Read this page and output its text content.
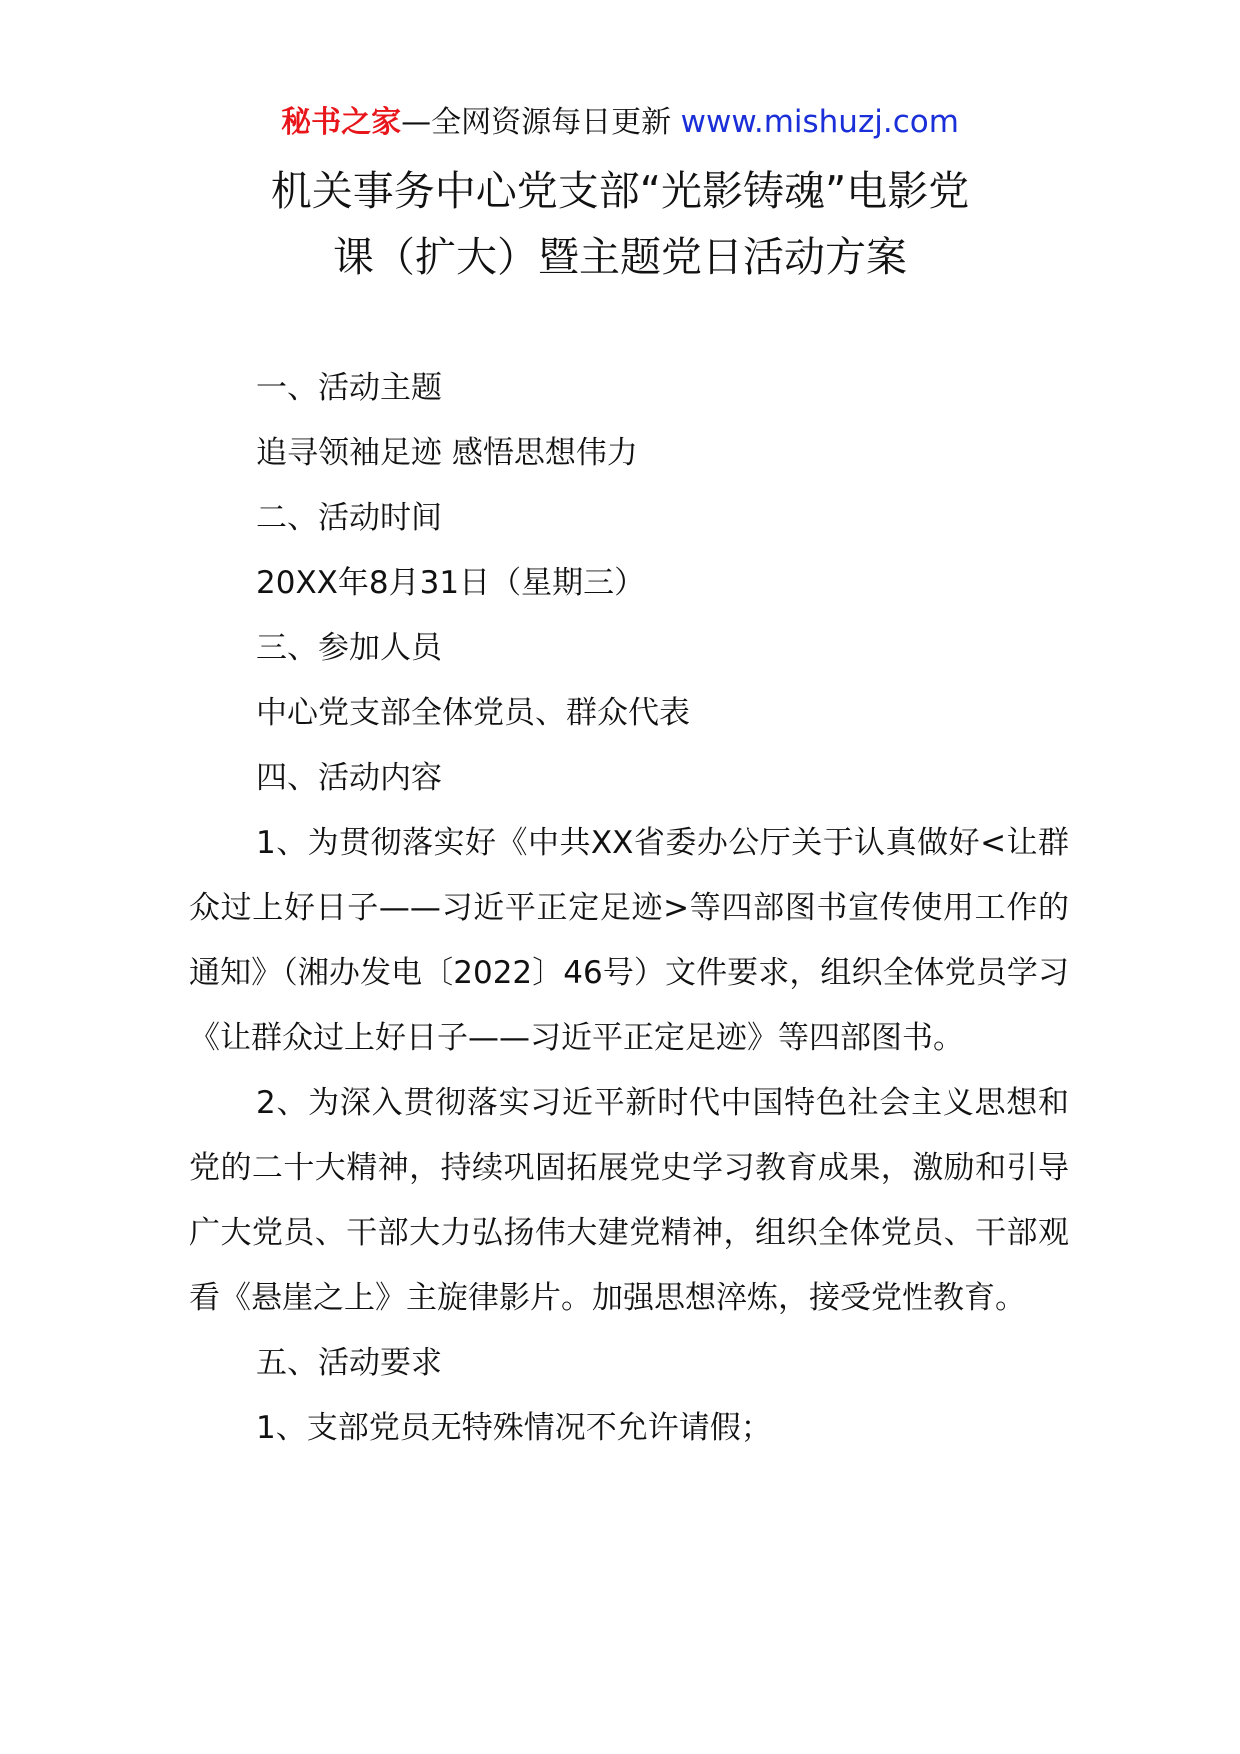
秘书之家—全网资源每日更新 www.mishuzj.com
机关事务中心党支部“光影铸魂”电影党
课（扩大）暨主题党日活动方案
一、活动主题
追寻领袖足迹 感悟思想伟力
二、活动时间
20XX年8月31日（星期三）
三、参加人员
中心党支部全体党员、群众代表
四、活动内容

1、为贯彻落实好《中共XX省委办公厅关于认真做好<让群众过上好日子——习近平正定足迹>等四部图书宣传使用工作的通知》（湘办发电〔2022〕46号）文件要求，组织全体党员学习《让群众过上好日子——习近平正定足迹》等四部图书。

2、为深入贯彻落实习近平新时代中国特色社会主义思想和党的二十大精神，持续巩固拓展党史学习教育成果，激励和引导广大党员、干部大力弘扬伟大建党精神，组织全体党员、干部观看《悬崖之上》主旋律影片。加强思想淬炼，接受党性教育。

五、活动要求
1、支部党员无特殊情况不允许请假；
